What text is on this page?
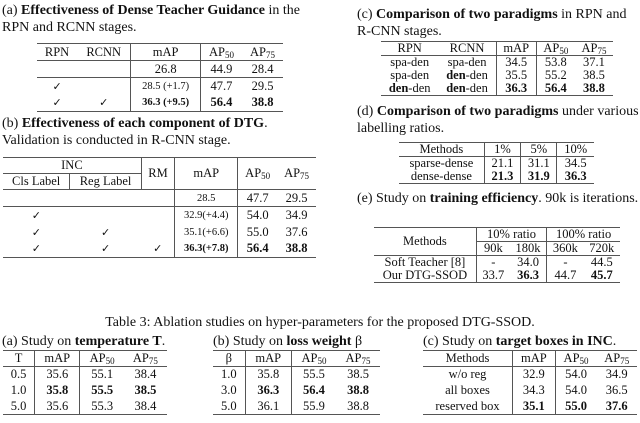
(a) Effectiveness of Dense Teacher Guidance in the RPN and RCNN stages.
(b) Effectiveness of each component of DTG. Validation is conducted in R-CNN stage.
(c) Comparison of two paradigms in RPN and R-CNN stages.
(d) Comparison of two paradigms under various labelling ratios.
(e) Study on training efficiency. 90k is iterations.
Table 3: Ablation studies on hyper-parameters for the proposed DTG-SSOD.
(a) Study on temperature T.	(b) Study on loss weight β	(c) Study on target boxes in INC.
RPN	RCNN	mAP	$AP_{50}$	$AP_{75}$
		26.8	44.9	28.4
✓		28.5 (+1.7)	47.7	29.5
✓	✓	36.3 (+9.5)	56.4	38.8
INC		RM	mAP	$AP_{50}$	$AP_{75}$
Cls Label	Reg Label				
			28.5	47.7	29.5
✓			32.9(+4.4)	54.0	34.9
✓	✓		35.1(+6.6)	55.0	37.6
✓	✓	✓	36.3(+7.8)	56.4	38.8
RPN	RCNN	mAP	$AP_{50}$	$AP_{75}$
spa-den	spa-den	34.5	53.8	37.1
spa-den	den-den	35.5	55.2	38.5
den-den	den-den	36.3	56.4	38.8
Methods	1%	5%	10%
sparse-dense	21.1	31.1	34.5
dense-dense	21.3	31.9	36.3
Methods	10% ratio		100% ratio	
	90k	180k	360k	720k
Soft Teacher [8]	-	34.0	-	44.5
Our DTG-SSOD	33.7	36.3	44.7	45.7
T	mAP	$AP_{50}$	$AP_{75}$
0.5	35.6	55.1	38.4
1.0	35.8	55.5	38.5
5.0	35.6	55.3	38.4
β	mAP	$AP_{50}$	$AP_{75}$
1.0	35.8	55.5	38.5
3.0	36.3	56.4	38.8
5.0	36.1	55.9	38.8
Methods	mAP	$AP_{50}$	$AP_{75}$
w/o reg	32.9	54.0	34.9
all boxes	34.3	54.0	36.5
reserved box	35.1	55.0	37.6
